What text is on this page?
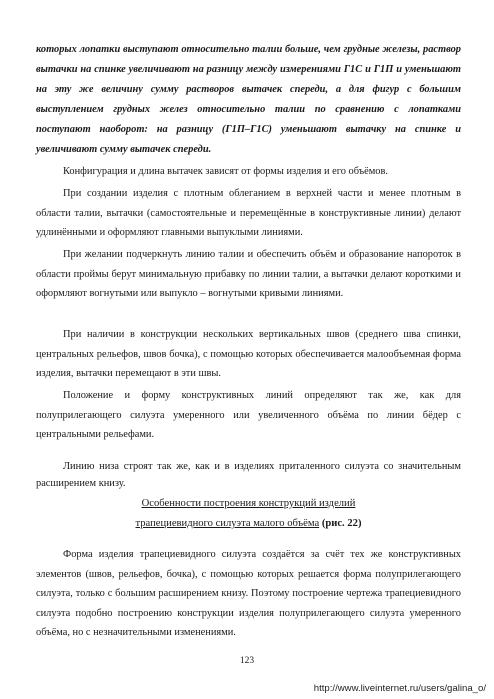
которых лопатки выступают относительно талии больше, чем грудные железы, раствор вытачки на спинке увеличивают на разницу между измерениями Г1С и Г1П и уменьшают на эту же величину сумму растворов вытачек спереди, а для фигур с большим выступлением грудных желез относительно талии по сравнению с лопатками поступают наоборот: на разницу (Г1П–Г1С) уменьшают вытачку на спинке и увеличивают сумму вытачек спереди.

Конфигурация и длина вытачек зависят от формы изделия и его объёмов.

При создании изделия с плотным облеганием в верхней части и менее плотным в области талии, вытачки (самостоятельные и перемещённые в конструктивные линии) делают удлинёнными и оформляют главными выпуклыми линиями.

При желании подчеркнуть линию талии и обеспечить объём и образование напороток в области проймы берут минимальную прибавку по линии талии, а вытачки делают короткими и оформляют вогнутыми или выпукло – вогнутыми кривыми линиями.

При наличии в конструкции нескольких вертикальных швов (среднего шва спинки, центральных рельефов, швов бочка), с помощью которых обеспечивается малообъемная форма изделия, вытачки перемещают в эти швы.

Положение и форму конструктивных линий определяют так же, как для полуприлегающего силуэта умеренного или увеличенного объёма по линии бёдер с центральными рельефами.

Линию низа строят так же, как и в изделиях приталенного силуэта со значительным расширением книзу.

Особенности построения конструкций изделий
трапециевидного силуэта малого объёма (рис. 22)

Форма изделия трапециевидного силуэта создаётся за счёт тех же конструктивных элементов (швов, рельефов, бочка), с помощью которых решается форма полуприлегающего силуэта, только с большим расширением книзу. Поэтому построение чертежа трапециевидного силуэта подобно построению конструкции изделия полуприлегающего силуэта умеренного объёма, но с незначительными изменениями.

123
http://www.liveinternet.ru/users/galina_o/
